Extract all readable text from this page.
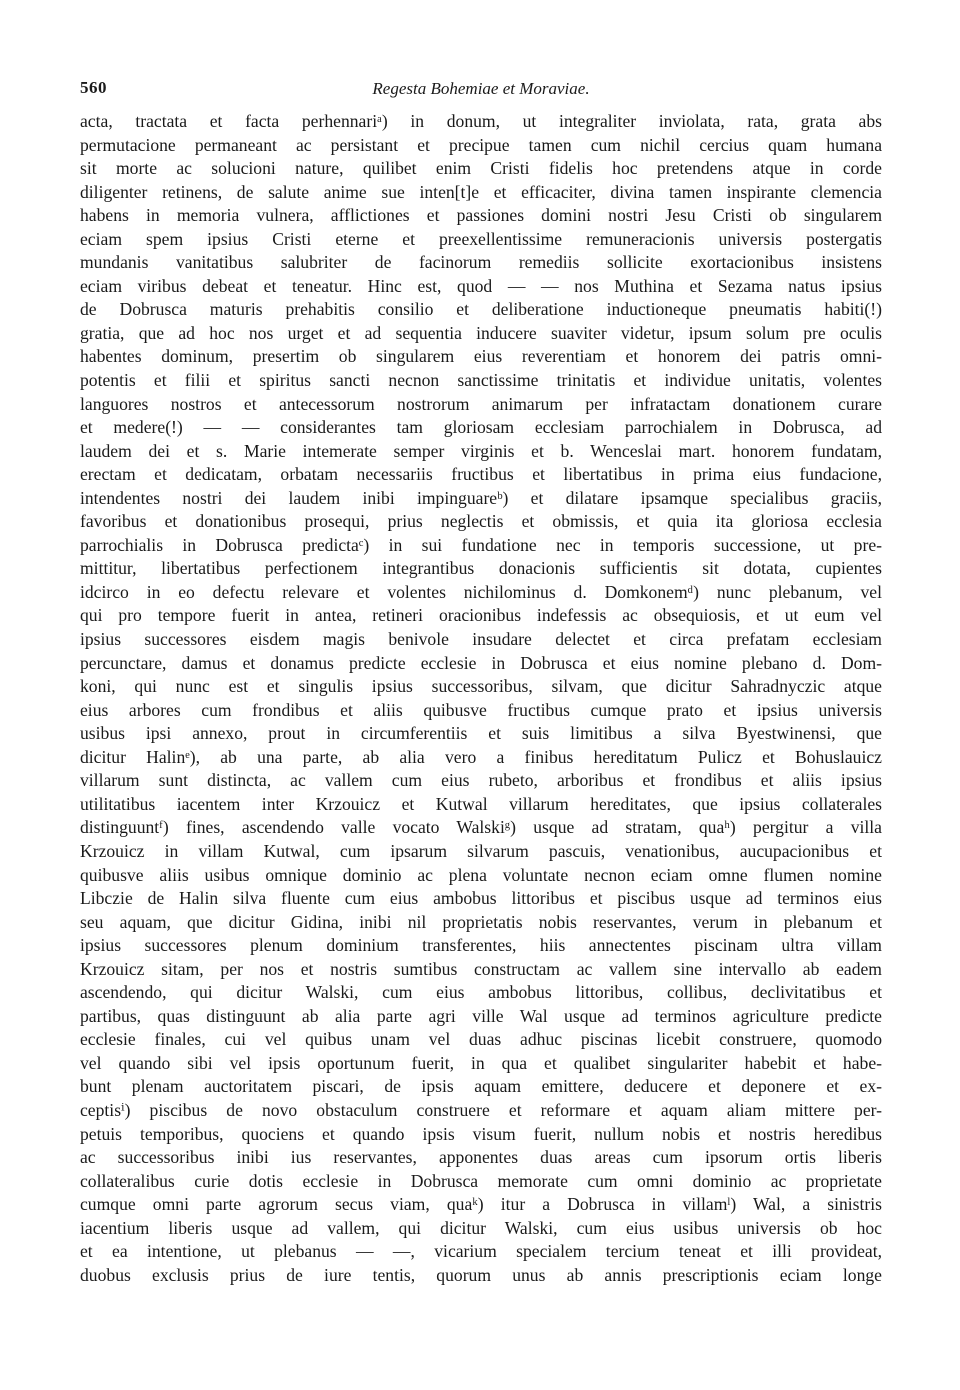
560	Regesta Bohemiae et Moraviae.
acta, tractata et facta perhennariᵃ) in donum, ut integraliter inviolata, rata, grata abs
permutacione permaneant ac persistant et precipue tamen cum nichil cercius quam humana
sit morte ac solucioni nature, quilibet enim Cristi fidelis hoc pretendens atque in corde
diligenter retinens, de salute anime sue inten[t]e et efficaciter, divina tamen inspirante clemencia
habens in memoria vulnera, afflictiones et passiones domini nostri Jesu Cristi ob singularem
eciam spem ipsius Cristi eterne et preexellentissime remuneracionis universis postergatis
mundanis vanitatibus salubriter de facinorum remediis sollicite exortacionibus insistens
eciam viribus debeat et teneatur. Hinc est, quod — — nos Muthina et Sezama natus ipsius
de Dobrusca maturis prehabitis consilio et deliberatione inductioneque pneumatis habiti(!)
gratia, que ad hoc nos urget et ad sequentia inducere suaviter videtur, ipsum solum pre oculis
habentes dominum, presertim ob singularem eius reverentiam et honorem dei patris omni-
potentis et filii et spiritus sancti necnon sanctissime trinitatis et individue unitatis, volentes
languores nostros et antecessorum nostrorum animarum per infratactam donationem curare
et medere(!) — — considerantes tam gloriosam ecclesiam parrochialem in Dobrusca, ad
laudem dei et s. Marie intemerate semper virginis et b. Wenceslai mart. honorem fundatam,
erectam et dedicatam, orbatam necessariis fructibus et libertatibus in prima eius fundacione,
intendentes nostri dei laudem inibi impinguareᵇ) et dilatare ipsamque specialibus graciis,
favoribus et donationibus prosequi, prius neglectis et obmissis, et quia ita gloriosa ecclesia
parrochialis in Dobrusca predictaᶜ) in sui fundatione nec in temporis successione, ut pre-
mittitur, libertatibus perfectionem integrantibus donacionis sufficientis sit dotata, cupientes
idcirco in eo defectu relevare et volentes nichilominus d. Domkonemᵈ) nunc plebanum, vel
qui pro tempore fuerit in antea, retineri oracionibus indefessis ac obsequiosis, et ut eum vel
ipsius successores eisdem magis benivole insudare delectet et circa prefatam ecclesiam
percunctare, damus et donamus predicte ecclesie in Dobrusca et eius nomine plebano d. Dom-
koni, qui nunc est et singulis ipsius successoribus, silvam, que dicitur Sahradnyczic atque
eius arbores cum frondibus et aliis quibusve fructibus cumque prato et ipsius universis
usibus ipsi annexo, prout in circumferentiis et suis limitibus a silva Byestwinensi, que
dicitur Halinᵉ), ab una parte, ab alia vero a finibus hereditatum Pulicz et Bohuslauicz
villarum sunt distincta, ac vallem cum eius rubeto, arboribus et frondibus et aliis ipsius
utilitatibus iacentem inter Krzouicz et Kutwal villarum hereditates, que ipsius collaterales
distinguuntᶠ) fines, ascendendo valle vocato Walskiᵍ) usque ad stratam, quaʰ) pergitur a villa
Krzouicz in villam Kutwal, cum ipsarum silvarum pascuis, venationibus, aucupacionibus et
quibusve aliis usibus omnique dominio ac plena voluntate necnon eciam omne flumen nomine
Libczie de Halin silva fluente cum eius ambobus littoribus et piscibus usque ad terminos eius
seu aquam, que dicitur Gidina, inibi nil proprietatis nobis reservantes, verum in plebanum et
ipsius successores plenum dominium transferentes, hiis annectentes piscinam ultra villam
Krzouicz sitam, per nos et nostris sumtibus constructam ac vallem sine intervallo ab eadem
ascendendo, qui dicitur Walski, cum eius ambobus littoribus, collibus, declivitatibus et
partibus, quas distinguunt ab alia parte agri ville Wal usque ad terminos agriculture predicte
ecclesie finales, cui vel quibus unam vel duas adhuc piscinas licebit construere, quomodo
vel quando sibi vel ipsis oportunum fuerit, in qua et qualibet singulariter habebit et habe-
bunt plenam auctoritatem piscari, de ipsis aquam emittere, deducere et deponere et ex-
ceptisⁱ) piscibus de novo obstaculum construere et reformare et aquam aliam mittere per-
petuis temporibus, quociens et quando ipsis visum fuerit, nullum nobis et nostris heredibus
ac successoribus inibi ius reservantes, apponentes duas areas cum ipsorum ortis liberis
collateralibus curie dotis ecclesie in Dobrusca memorate cum omni dominio ac proprietate
cumque omni parte agrorum secus viam, quaᵏ) itur a Dobrusca in villamˡ) Wal, a sinistris
iacentium liberis usque ad vallem, qui dicitur Walski, cum eius usibus universis ob hoc
et ea intentione, ut plebanus — —, vicarium specialem tercium teneat et illi provideat,
duobus exclusis prius de iure tentis, quorum unus ab annis prescriptionis eciam longe
